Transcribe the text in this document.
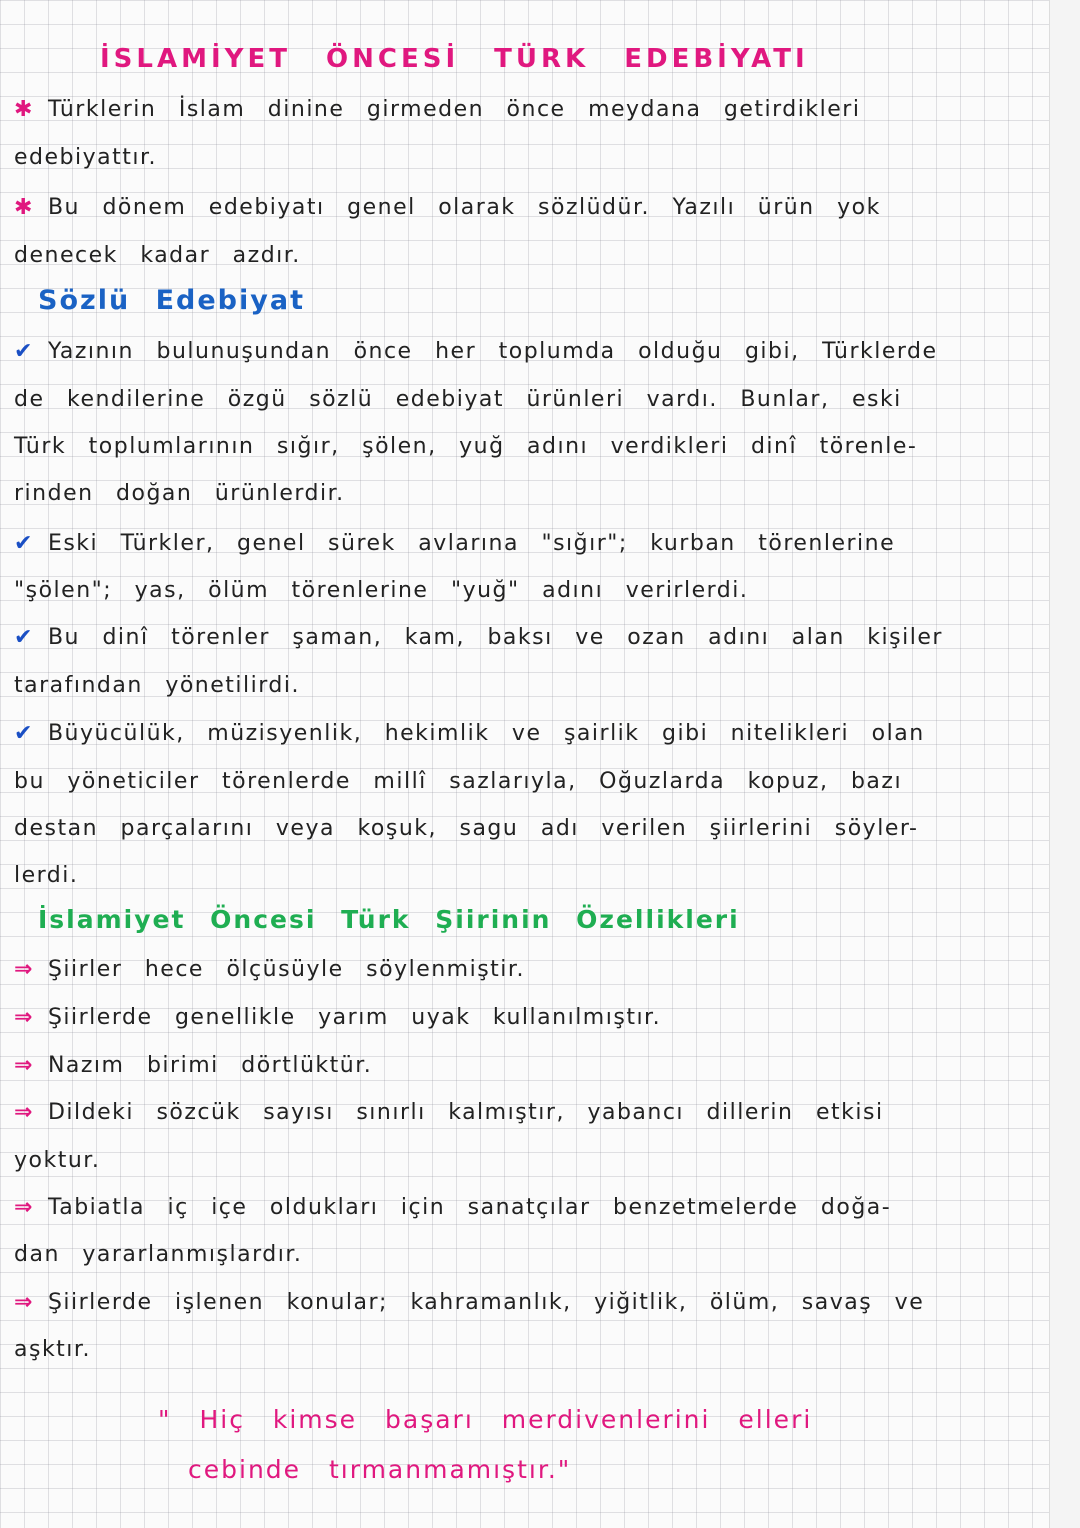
İSLAMİYET ÖNCESİ TÜRK EDEBİYATI
✱ Türklerin İslam dinine girmeden önce meydana getirdikleri
edebiyattır.
✱ Bu dönem edebiyatı genel olarak sözlüdür. Yazılı ürün yok
denecek kadar azdır.
Sözlü Edebiyat
✔ Yazının bulunuşundan önce her toplumda olduğu gibi, Türklerde
de kendilerine özgü sözlü edebiyat ürünleri vardı. Bunlar, eski
Türk toplumlarının sığır, şölen, yuğ adını verdikleri dinî törenle-
rinden doğan ürünlerdir.
✔ Eski Türkler, genel sürek avlarına "sığır"; kurban törenlerine
"şölen"; yas, ölüm törenlerine "yuğ" adını verirlerdi.
✔ Bu dinî törenler şaman, kam, baksı ve ozan adını alan kişiler
tarafından yönetilirdi.
✔ Büyücülük, müzisyenlik, hekimlik ve şairlik gibi nitelikleri olan
bu yöneticiler törenlerde millî sazlarıyla, Oğuzlarda kopuz, bazı
destan parçalarını veya koşuk, sagu adı verilen şiirlerini söyler-
lerdi.
İslamiyet Öncesi Türk Şiirinin Özellikleri
⇒ Şiirler hece ölçüsüyle söylenmiştir.
⇒ Şiirlerde genellikle yarım uyak kullanılmıştır.
⇒ Nazım birimi dörtlüktür.
⇒ Dildeki sözcük sayısı sınırlı kalmıştır, yabancı dillerin etkisi
yoktur.
⇒ Tabiatla iç içe oldukları için sanatçılar benzetmelerde doğa-
dan yararlanmışlardır.
⇒ Şiirlerde işlenen konular; kahramanlık, yiğitlik, ölüm, savaş ve
aşktır.
" Hiç kimse başarı merdivenlerini elleri
cebinde tırmanmamıştır."
